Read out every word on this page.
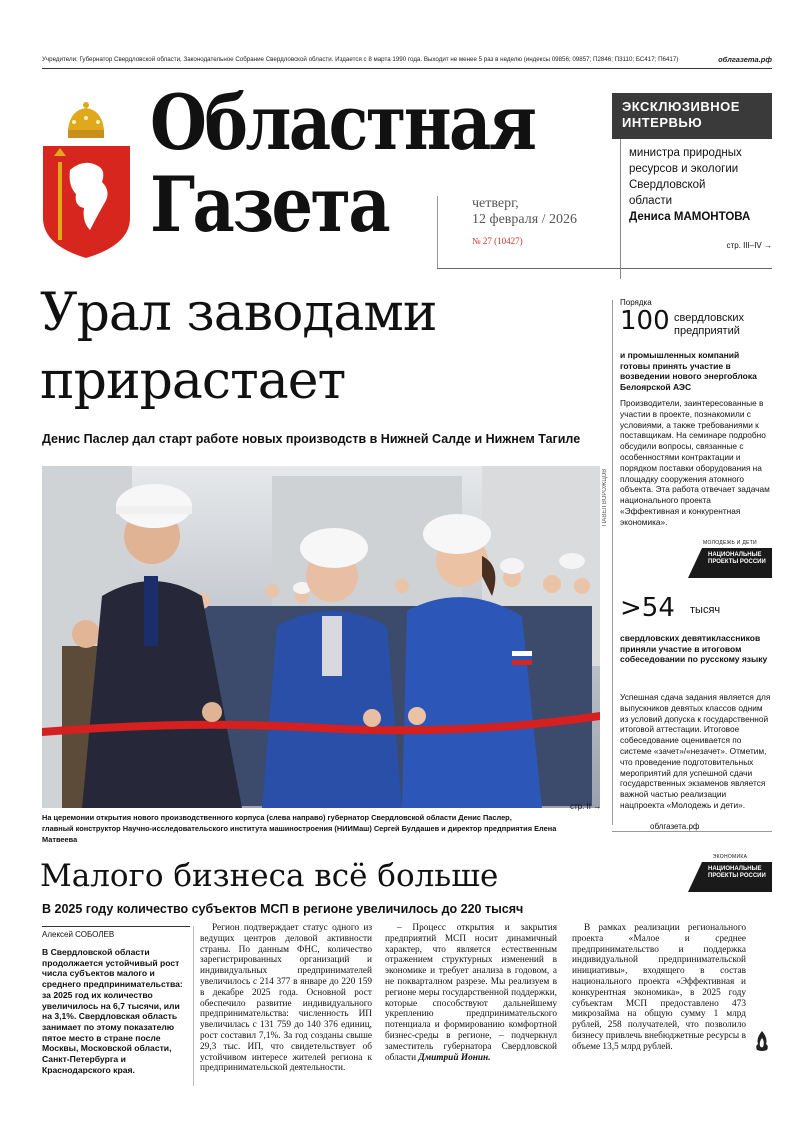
Учредители: Губернатор Свердловской области, Законодательное Собрание Свердловской области. Издается с 8 марта 1990 года. Выходит не менее 5 раз в неделю (индексы 09856; 09857; П2846; П3110; БС417; П6417)	облгазета.рф
Областная
Газета	четверг,
12 февраля / 2026
№ 27 (10427)
ЭКСКЛЮЗИВНОЕ ИНТЕРВЬЮ
министра природных
ресурсов и экологии
Свердловской
области
Дениса МАМОНТОВА
стр. III–IV →
Урал заводами
прирастает
Денис Паслер дал старт работе новых производств в Нижней Салде и Нижнем Тагиле
ПАВЕЛ ВОРОЖЦОВ
На церемонии открытия нового производственного корпуса (слева направо) губернатор Свердловской области Денис Паслер,
главный конструктор Научно-исследовательского института машиностроения (НИИМаш) Сергей Булдашев и директор предприятия Елена Матвеева
стр. II →
Порядка
100 свердловских предприятий
и промышленных компаний готовы принять участие в возведении нового энергоблока Белоярской АЭС
Производители, заинтересованные в участии в проекте, познакомили с условиями, а также требованиями к поставщикам. На семинаре подробно обсудили вопросы, связанные с особенностями контрактации и порядком поставки оборудования на площадку сооружения атомного объекта. Эта работа отвечает задачам национального проекта «Эффективная и конкурентная экономика».
МОЛОДЕЖЬ И ДЕТИ
НАЦИОНАЛЬНЫЕ ПРОЕКТЫ РОССИИ
>54 тысяч
свердловских девятиклассников приняли участие в итоговом собеседовании по русскому языку
Успешная сдача задания является для выпускников девятых классов одним из условий допуска к государственной итоговой аттестации. Итоговое собеседование оценивается по системе «зачет»/«незачет». Отметим, что проведение подготовительных мероприятий для успешной сдачи государственных экзаменов является важной частью реализации нацпроекта «Молодежь и дети».
облгазета.рф
Малого бизнеса всё больше
В 2025 году количество субъектов МСП в регионе увеличилось до 220 тысяч
ЭКОНОМИКА
НАЦИОНАЛЬНЫЕ ПРОЕКТЫ РОССИИ
Алексей СОБОЛЕВ
В Свердловской области продолжается устойчивый рост числа субъектов малого и среднего предпринимательства: за 2025 год их количество увеличилось на 6,7 тысячи, или на 3,1%. Свердловская область занимает по этому показателю пятое место в стране после Москвы, Московской области, Санкт-Петербурга и Краснодарского края.
Регион подтверждает статус одного из ведущих центров деловой активности страны. По данным ФНС, количество зарегистрированных организаций и индивидуальных предпринимателей увеличилось с 214 377 в январе до 220 159 в декабре 2025 года. Основной рост обеспечило развитие индивидуального предпринимательства: численность ИП увеличилась с 131 759 до 140 376 единиц, рост составил 7,1%. За год созданы свыше 29,3 тыс. ИП, что свидетельствует об устойчивом интересе жителей региона к предпринимательской деятельности.
– Процесс открытия и закрытия предприятий МСП носит динамичный характер, что является естественным отражением структурных изменений в экономике и требует анализа в годовом, а не покварталном разрезе. Мы реализуем в регионе меры государственной поддержки, которые способствуют дальнейшему укреплению предпринимательского потенциала и формированию комфортной бизнес-среды в регионе, – подчеркнул заместитель губернатора Свердловской области Дмитрий Ионин.
В рамках реализации регионального проекта «Малое и среднее предпринимательство и поддержка индивидуальной предпринимательской инициативы», входящего в состав национального проекта «Эффективная и конкурентная экономика», в 2025 году субъектам МСП предоставлено 473 микрозайма на общую сумму 1 млрд рублей, 258 получателей, что позволило бизнесу привлечь внебюджетные ресурсы в объеме 13,5 млрд рублей.
